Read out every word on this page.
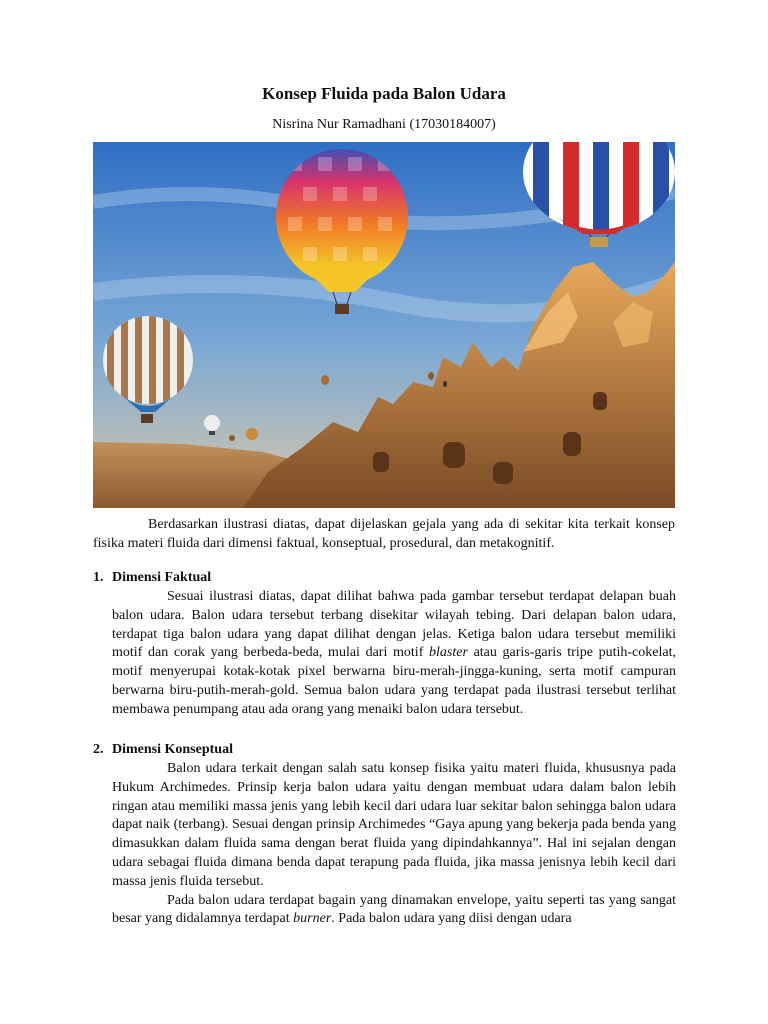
Konsep Fluida pada Balon Udara
Nisrina Nur Ramadhani (17030184007)

Berdasarkan ilustrasi diatas, dapat dijelaskan gejala yang ada di sekitar kita terkait konsep fisika materi fluida dari dimensi faktual, konseptual, prosedural, dan metakognitif.

1. Dimensi Faktual

Sesuai ilustrasi diatas, dapat dilihat bahwa pada gambar tersebut terdapat delapan buah balon udara. Balon udara tersebut terbang disekitar wilayah tebing. Dari delapan balon udara, terdapat tiga balon udara yang dapat dilihat dengan jelas. Ketiga balon udara tersebut memiliki motif dan corak yang berbeda-beda, mulai dari motif blaster atau garis-garis tripe putih-cokelat, motif menyerupai kotak-kotak pixel berwarna biru-merah-jingga-kuning, serta motif campuran berwarna biru-putih-merah-gold. Semua balon udara yang terdapat pada ilustrasi tersebut terlihat membawa penumpang atau ada orang yang menaiki balon udara tersebut.

2. Dimensi Konseptual

Balon udara terkait dengan salah satu konsep fisika yaitu materi fluida, khususnya pada Hukum Archimedes. Prinsip kerja balon udara yaitu dengan membuat udara dalam balon lebih ringan atau memiliki massa jenis yang lebih kecil dari udara luar sekitar balon sehingga balon udara dapat naik (terbang). Sesuai dengan prinsip Archimedes “Gaya apung yang bekerja pada benda yang dimasukkan dalam fluida sama dengan berat fluida yang dipindahkannya”. Hal ini sejalan dengan udara sebagai fluida dimana benda dapat terapung pada fluida, jika massa jenisnya lebih kecil dari massa jenis fluida tersebut.

Pada balon udara terdapat bagain yang dinamakan envelope, yaitu seperti tas yang sangat besar yang didalamnya terdapat burner. Pada balon udara yang diisi dengan udara
